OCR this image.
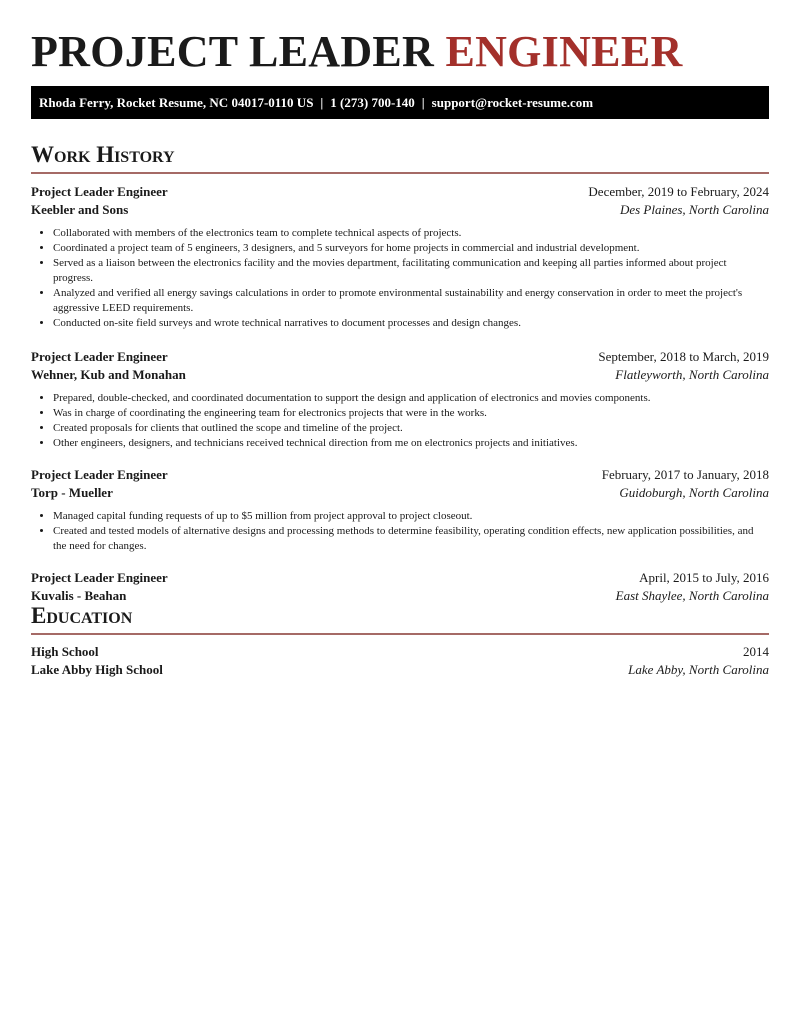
PROJECT LEADER ENGINEER
Rhoda Ferry, Rocket Resume, NC 04017-0110 US | 1 (273) 700-140 | support@rocket-resume.com
Work History
Project Leader Engineer	December, 2019 to February, 2024
Keebler and Sons	Des Plaines, North Carolina
• Collaborated with members of the electronics team to complete technical aspects of projects.
• Coordinated a project team of 5 engineers, 3 designers, and 5 surveyors for home projects in commercial and industrial development.
• Served as a liaison between the electronics facility and the movies department, facilitating communication and keeping all parties informed about project progress.
• Analyzed and verified all energy savings calculations in order to promote environmental sustainability and energy conservation in order to meet the project's aggressive LEED requirements.
• Conducted on-site field surveys and wrote technical narratives to document processes and design changes.
Project Leader Engineer	September, 2018 to March, 2019
Wehner, Kub and Monahan	Flatleyworth, North Carolina
• Prepared, double-checked, and coordinated documentation to support the design and application of electronics and movies components.
• Was in charge of coordinating the engineering team for electronics projects that were in the works.
• Created proposals for clients that outlined the scope and timeline of the project.
• Other engineers, designers, and technicians received technical direction from me on electronics projects and initiatives.
Project Leader Engineer	February, 2017 to January, 2018
Torp - Mueller	Guidoburgh, North Carolina
• Managed capital funding requests of up to $5 million from project approval to project closeout.
• Created and tested models of alternative designs and processing methods to determine feasibility, operating condition effects, new application possibilities, and the need for changes.
Project Leader Engineer	April, 2015 to July, 2016
Kuvalis - Beahan	East Shaylee, North Carolina
Education
High School	2014
Lake Abby High School	Lake Abby, North Carolina
